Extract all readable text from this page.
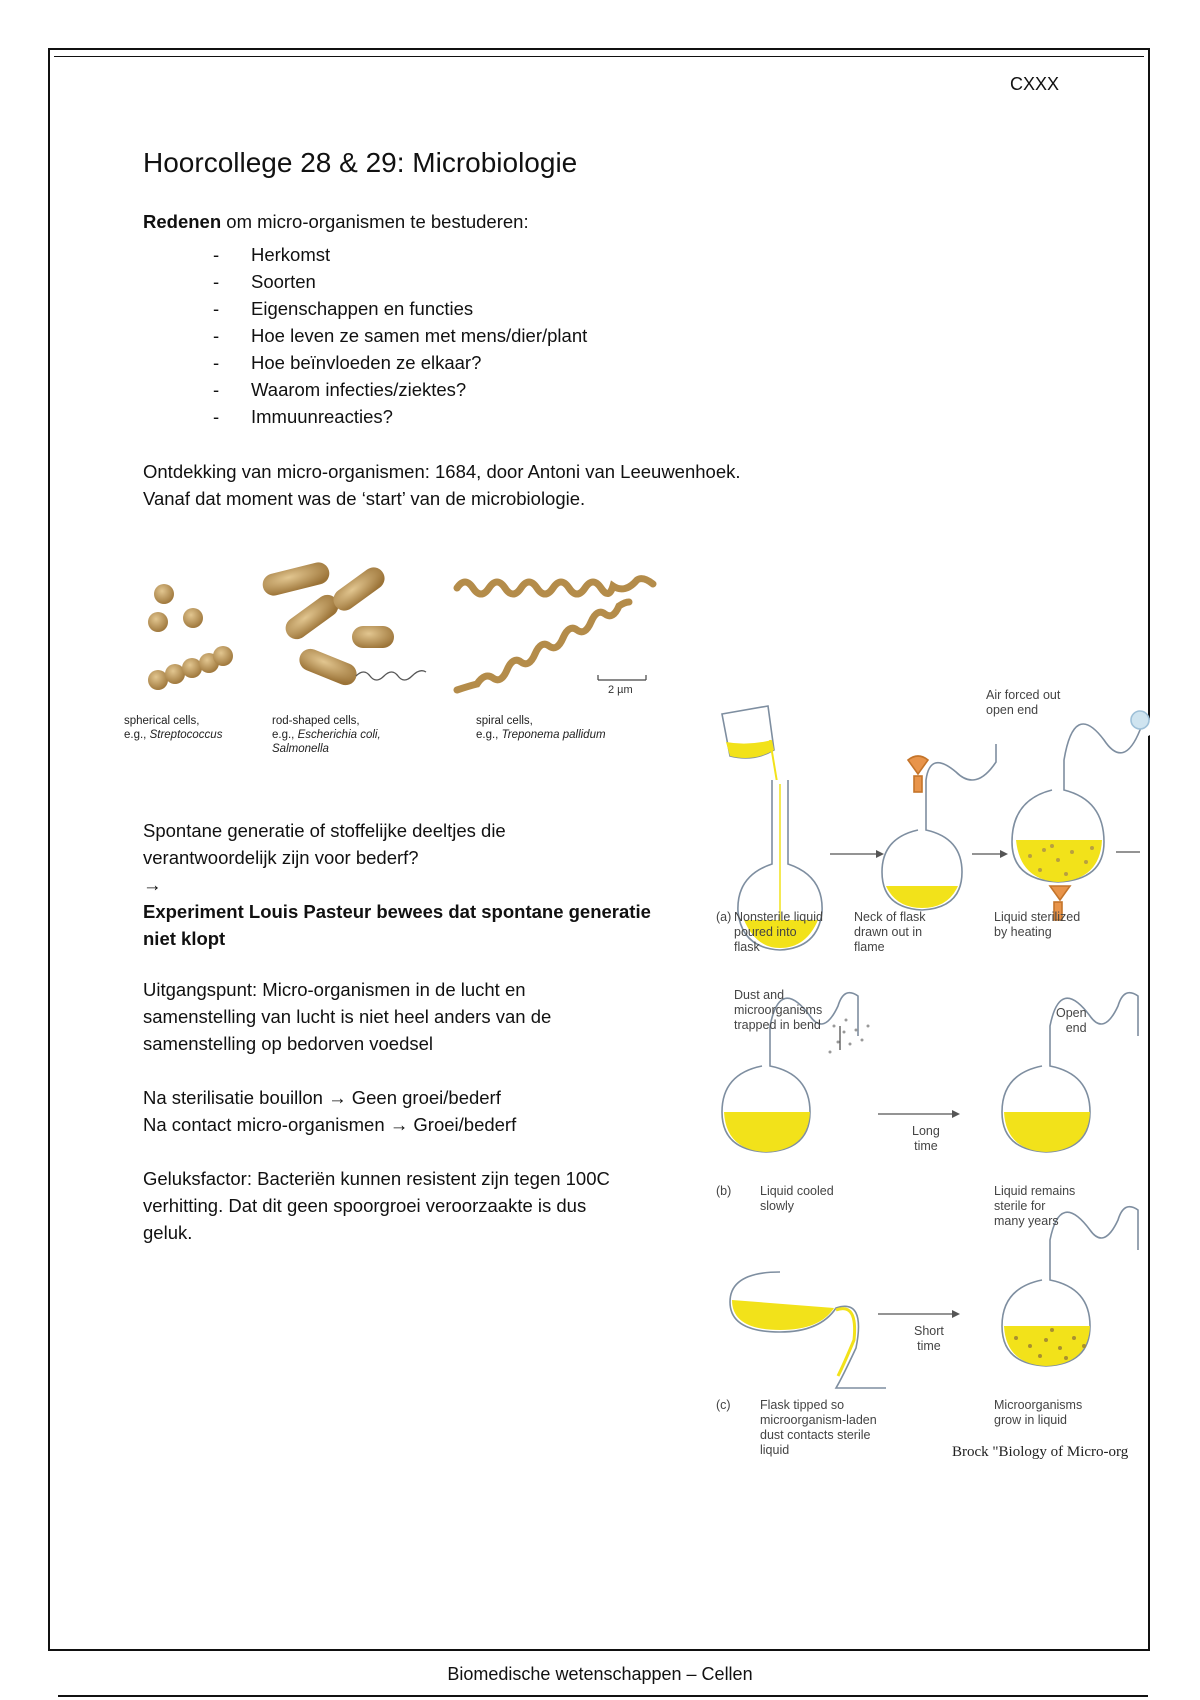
CXXX
Hoorcollege 28 & 29: Microbiologie
Redenen om micro-organismen te bestuderen:
- Herkomst
- Soorten
- Eigenschappen en functies
- Hoe leven ze samen met mens/dier/plant
- Hoe beïnvloeden ze elkaar?
- Waarom infecties/ziektes?
- Immuunreacties?
Ontdekking van micro-organismen: 1684, door Antoni van Leeuwenhoek.
Vanaf dat moment was de ‘start’ van de microbiologie.
2 µm
spherical cells,
e.g., Streptococcus
rod-shaped cells,
e.g., Escherichia coli,
Salmonella
spiral cells,
e.g., Treponema pallidum
Spontane generatie of stoffelijke deeltjes die
verantwoordelijk zijn voor bederf?
→
Experiment Louis Pasteur bewees dat spontane generatie
niet klopt
Uitgangspunt: Micro-organismen in de lucht en
samenstelling van lucht is niet heel anders van de
samenstelling op bedorven voedsel
Na sterilisatie bouillon → Geen groei/bederf
Na contact micro-organismen → Groei/bederf
Geluksfactor: Bacteriën kunnen resistent zijn tegen 100C
verhitting. Dat dit geen spoorgroei veroorzaakte is dus
geluk.
Air forced out
open end
(a) Nonsterile liquid
poured into
flask
Neck of flask
drawn out in
flame
Liquid sterilized
by heating
Dust and
microorganisms
trapped in bend
Open
end
Long
time
(b) Liquid cooled
slowly
Liquid remains
sterile for
many years
Short
time
(c) Flask tipped so
microorganism-laden
dust contacts sterile
liquid
Microorganisms
grow in liquid
Brock "Biology of Micro-org
Biomedische wetenschappen – Cellen
